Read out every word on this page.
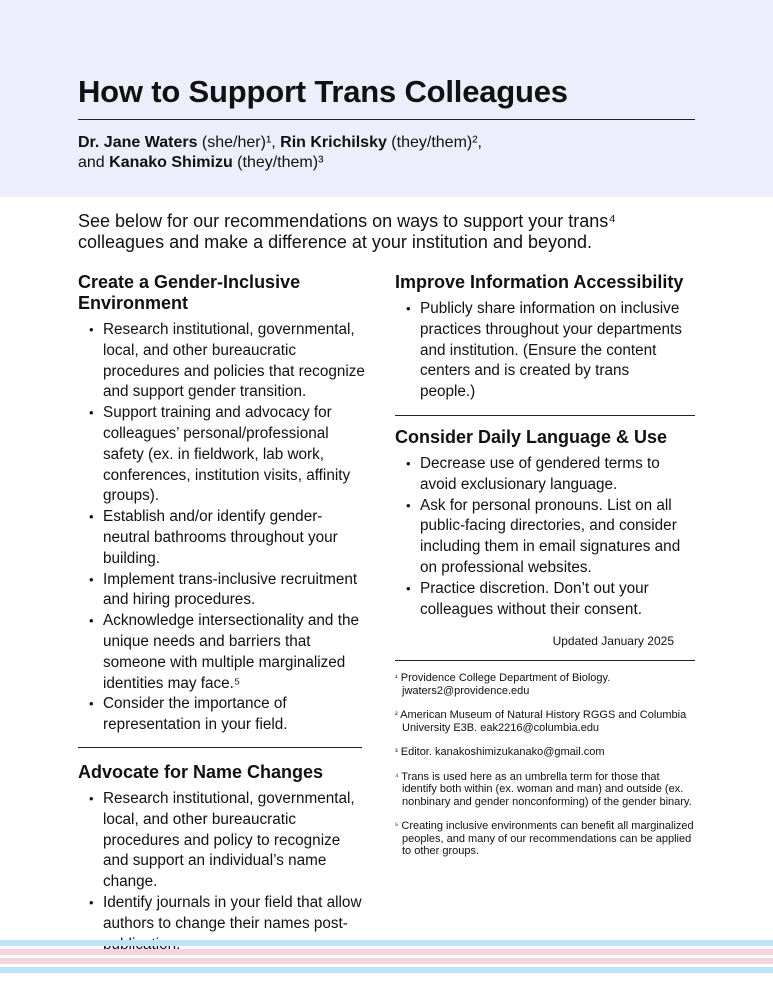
How to Support Trans Colleagues
Dr. Jane Waters (she/her)¹, Rin Krichilsky (they/them)²,
and Kanako Shimizu (they/them)³

See below for our recommendations on ways to support your trans⁴ colleagues and make a difference at your institution and beyond.

Create a Gender-Inclusive Environment
• Research institutional, governmental, local, and other bureaucratic procedures and policies that recognize and support gender transition.
• Support training and advocacy for colleagues’ personal/professional safety (ex. in fieldwork, lab work, conferences, institution visits, affinity groups).
• Establish and/or identify gender-neutral bathrooms throughout your building.
• Implement trans-inclusive recruitment and hiring procedures.
• Acknowledge intersectionality and the unique needs and barriers that someone with multiple marginalized identities may face.⁵
• Consider the importance of representation in your field.
Advocate for Name Changes
• Research institutional, governmental, local, and other bureaucratic procedures and policy to recognize and support an individual’s name change.
• Identify journals in your field that allow authors to change their names post-
Improve Information Accessibility
• Publicly share information on inclusive practices throughout your departments and institution. (Ensure the content centers and is created by trans people.)
Consider Daily Language & Use
• Decrease use of gendered terms to avoid exclusionary language.
• Ask for personal pronouns. List on all public-facing directories, and consider including them in email signatures and on professional websites.
• Practice discretion. Don’t out your colleagues without their consent.
Updated January 2025

$^{^1}$ Providence College Department of Biology. jwaters2@providence.edu

$^{^2}$ American Museum of Natural History RGGS and Columbia University E3B. eak2216@columbia.edu

$^{^3}$ Editor. kanakoshimizukanako@gmail.com

$^{^4}$ Trans is used here as an umbrella term for those that identify both within (ex. woman and man) and outside (ex. nonbinary and gender nonconforming) of the gender binary.

$^{^5}$ Creating inclusive environments can benefit all marginalized peoples, and many of our recommendations can be applied to other groups.
